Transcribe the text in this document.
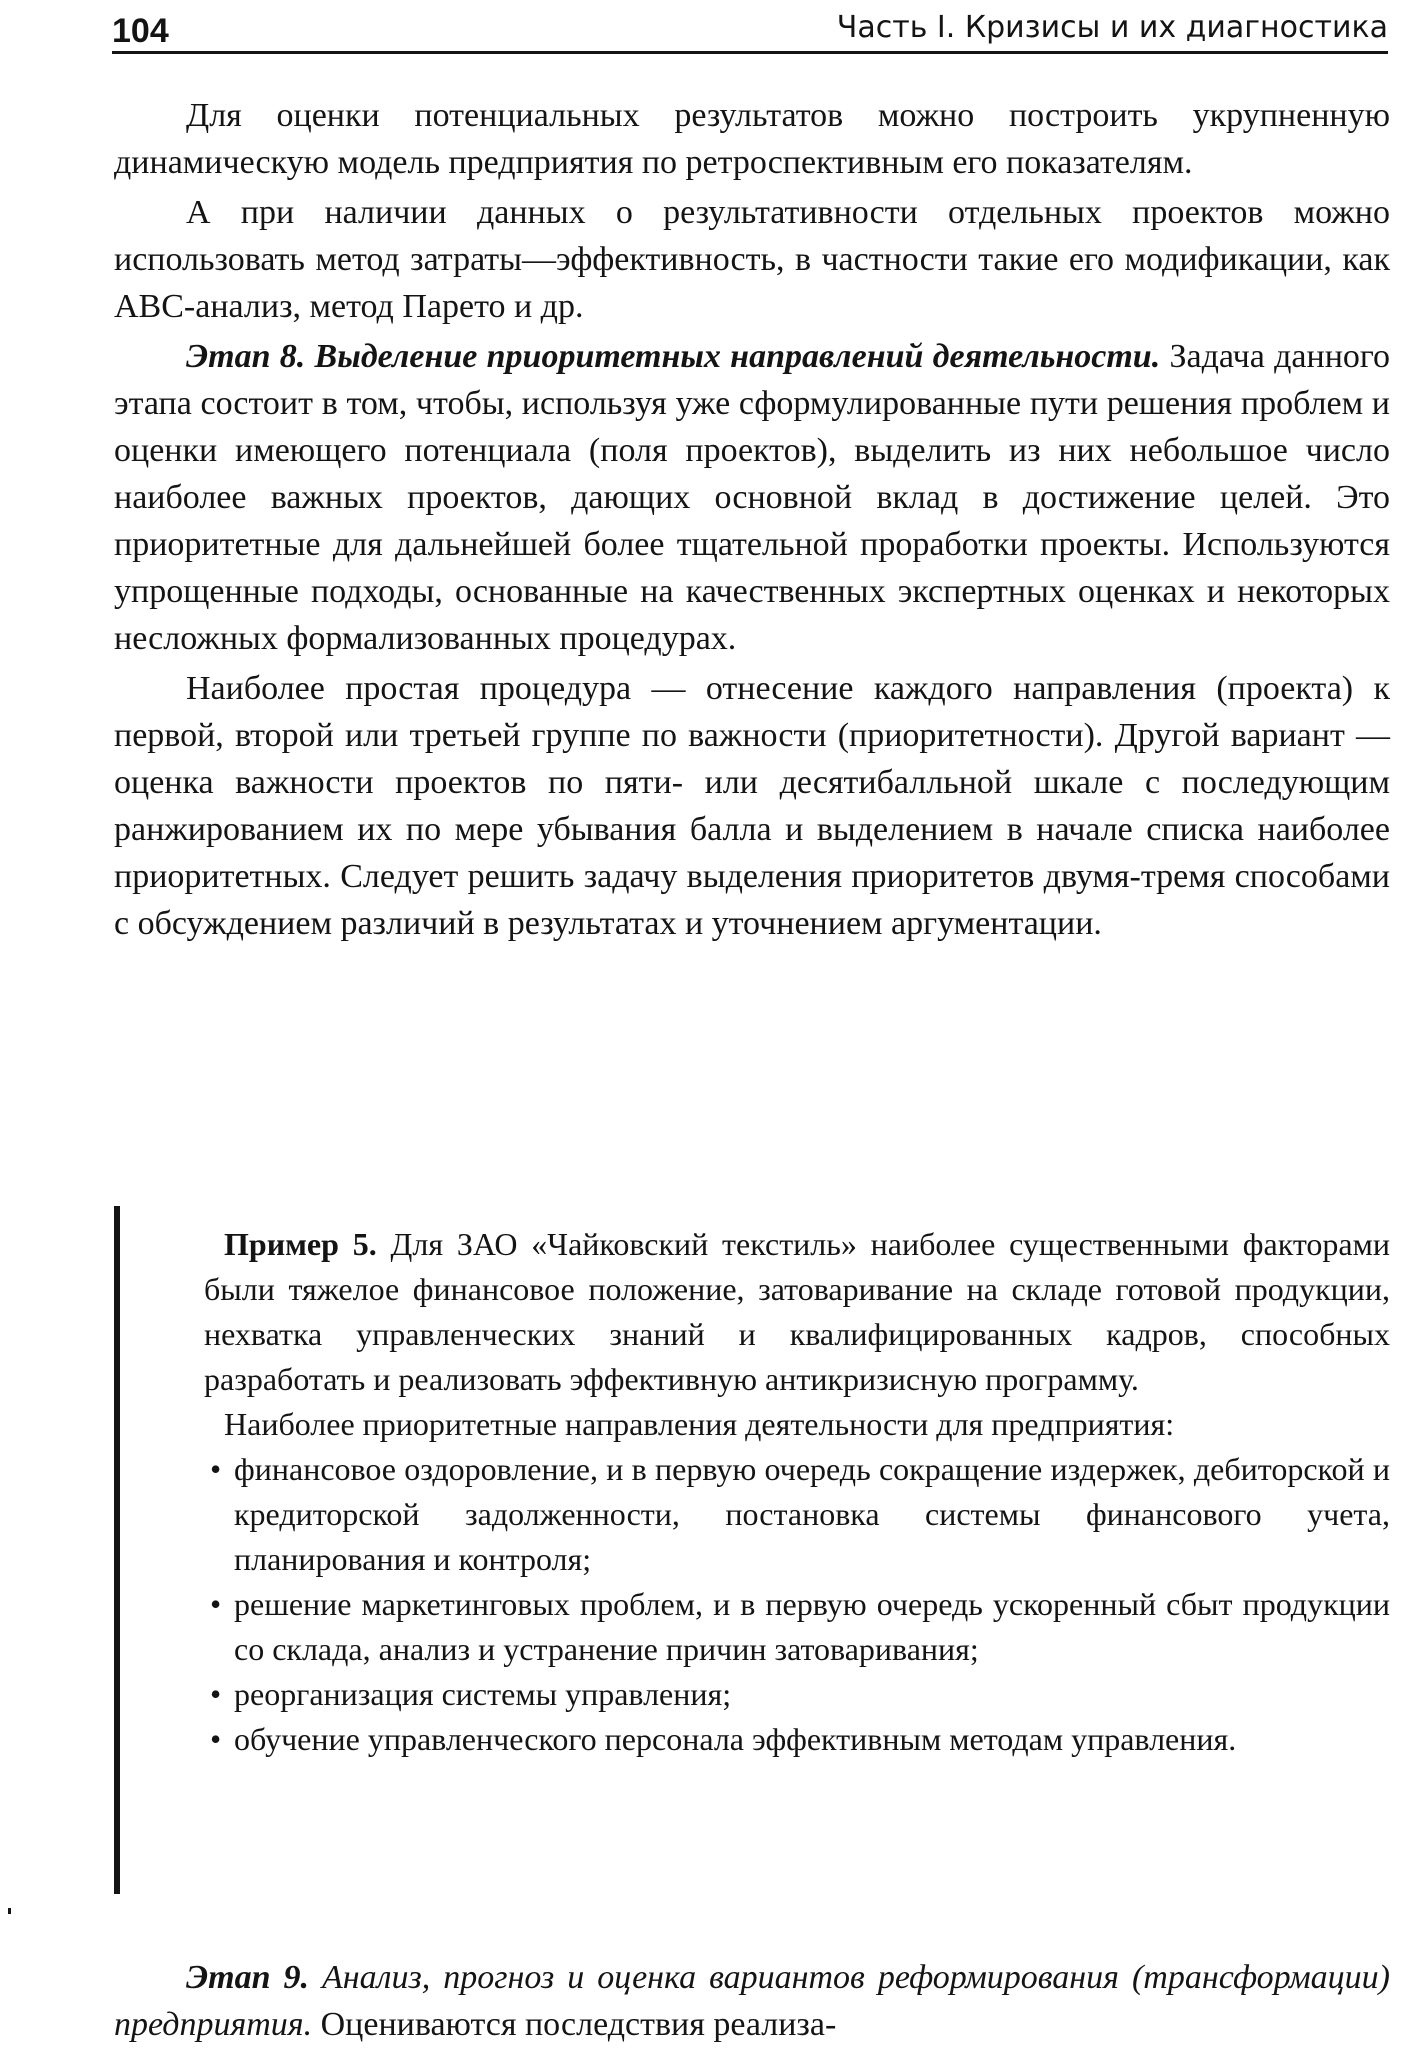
104	Часть I. Кризисы и их диагностика

Для оценки потенциальных результатов можно построить укрупненную динамическую модель предприятия по ретроспективным его показателям.

А при наличии данных о результативности отдельных проектов можно использовать метод затраты—эффективность, в частности такие его модификации, как ABC-анализ, метод Парето и др.

Этап 8. Выделение приоритетных направлений деятельности. Задача данного этапа состоит в том, чтобы, используя уже сформулированные пути решения проблем и оценки имеющего потенциала (поля проектов), выделить из них небольшое число наиболее важных проектов, дающих основной вклад в достижение целей. Это приоритетные для дальнейшей более тщательной проработки проекты. Используются упрощенные подходы, основанные на качественных экспертных оценках и некоторых несложных формализованных процедурах.

Наиболее простая процедура — отнесение каждого направления (проекта) к первой, второй или третьей группе по важности (приоритетности). Другой вариант — оценка важности проектов по пяти- или десятибалльной шкале с последующим ранжированием их по мере убывания балла и выделением в начале списка наиболее приоритетных. Следует решить задачу выделения приоритетов двумя-тремя способами с обсуждением различий в результатах и уточнением аргументации.

Пример 5. Для ЗАО «Чайковский текстиль» наиболее существенными факторами были тяжелое финансовое положение, затоваривание на складе готовой продукции, нехватка управленческих знаний и квалифицированных кадров, способных разработать и реализовать эффективную антикризисную программу.

Наиболее приоритетные направления деятельности для предприятия:

• финансовое оздоровление, и в первую очередь сокращение издержек, дебиторской и кредиторской задолженности, постановка системы финансового учета, планирования и контроля;
• решение маркетинговых проблем, и в первую очередь ускоренный сбыт продукции со склада, анализ и устранение причин затоваривания;
• реорганизация системы управления;
• обучение управленческого персонала эффективным методам управления.

Этап 9. Анализ, прогноз и оценка вариантов реформирования (трансформации) предприятия. Оцениваются последствия реализа-
